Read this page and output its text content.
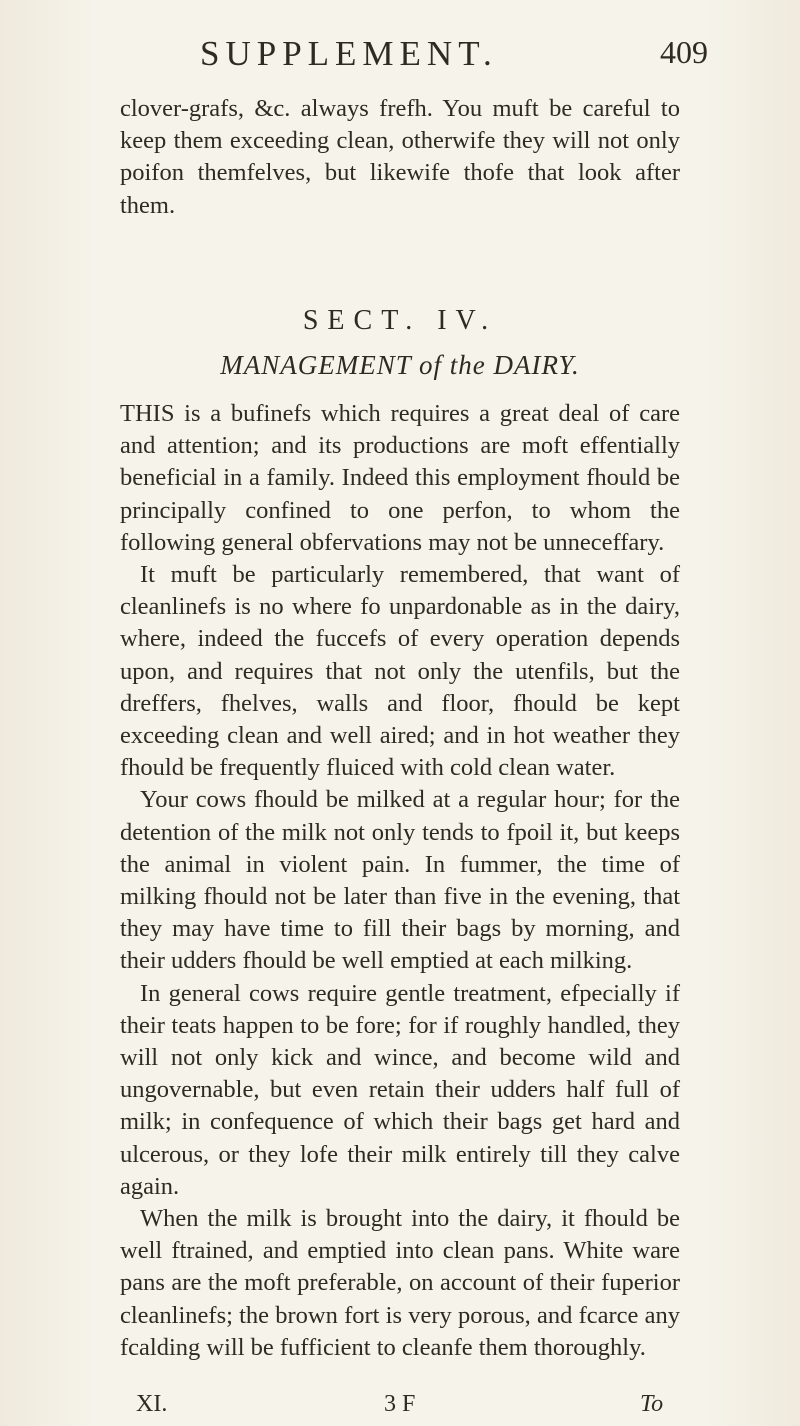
SUPPLEMENT.	409
clover-grafs, &c. always frefh. You muft be careful to keep them exceeding clean, otherwife they will not only poifon themfelves, but likewife thofe that look after them.
SECT. IV.
MANAGEMENT of the DAIRY.

THIS is a bufinefs which requires a great deal of care and attention; and its productions are moft effentially beneficial in a family. Indeed this employment fhould be principally confined to one perfon, to whom the following general obfervations may not be unneceffary.

It muft be particularly remembered, that want of cleanlinefs is no where fo unpardonable as in the dairy, where, indeed the fuccefs of every operation depends upon, and requires that not only the utenfils, but the dreffers, fhelves, walls and floor, fhould be kept exceeding clean and well aired; and in hot weather they fhould be frequently fluiced with cold clean water.

Your cows fhould be milked at a regular hour; for the detention of the milk not only tends to fpoil it, but keeps the animal in violent pain. In fummer, the time of milking fhould not be later than five in the evening, that they may have time to fill their bags by morning, and their udders fhould be well emptied at each milking.

In general cows require gentle treatment, efpecially if their teats happen to be fore; for if roughly handled, they will not only kick and wince, and become wild and ungovernable, but even retain their udders half full of milk; in confequence of which their bags get hard and ulcerous, or they lofe their milk entirely till they calve again.

When the milk is brought into the dairy, it fhould be well ftrained, and emptied into clean pans. White ware pans are the moft preferable, on account of their fuperior cleanlinefs; the brown fort is very porous, and fcarce any fcalding will be fufficient to cleanfe them thoroughly.

XI.	3 F	To
